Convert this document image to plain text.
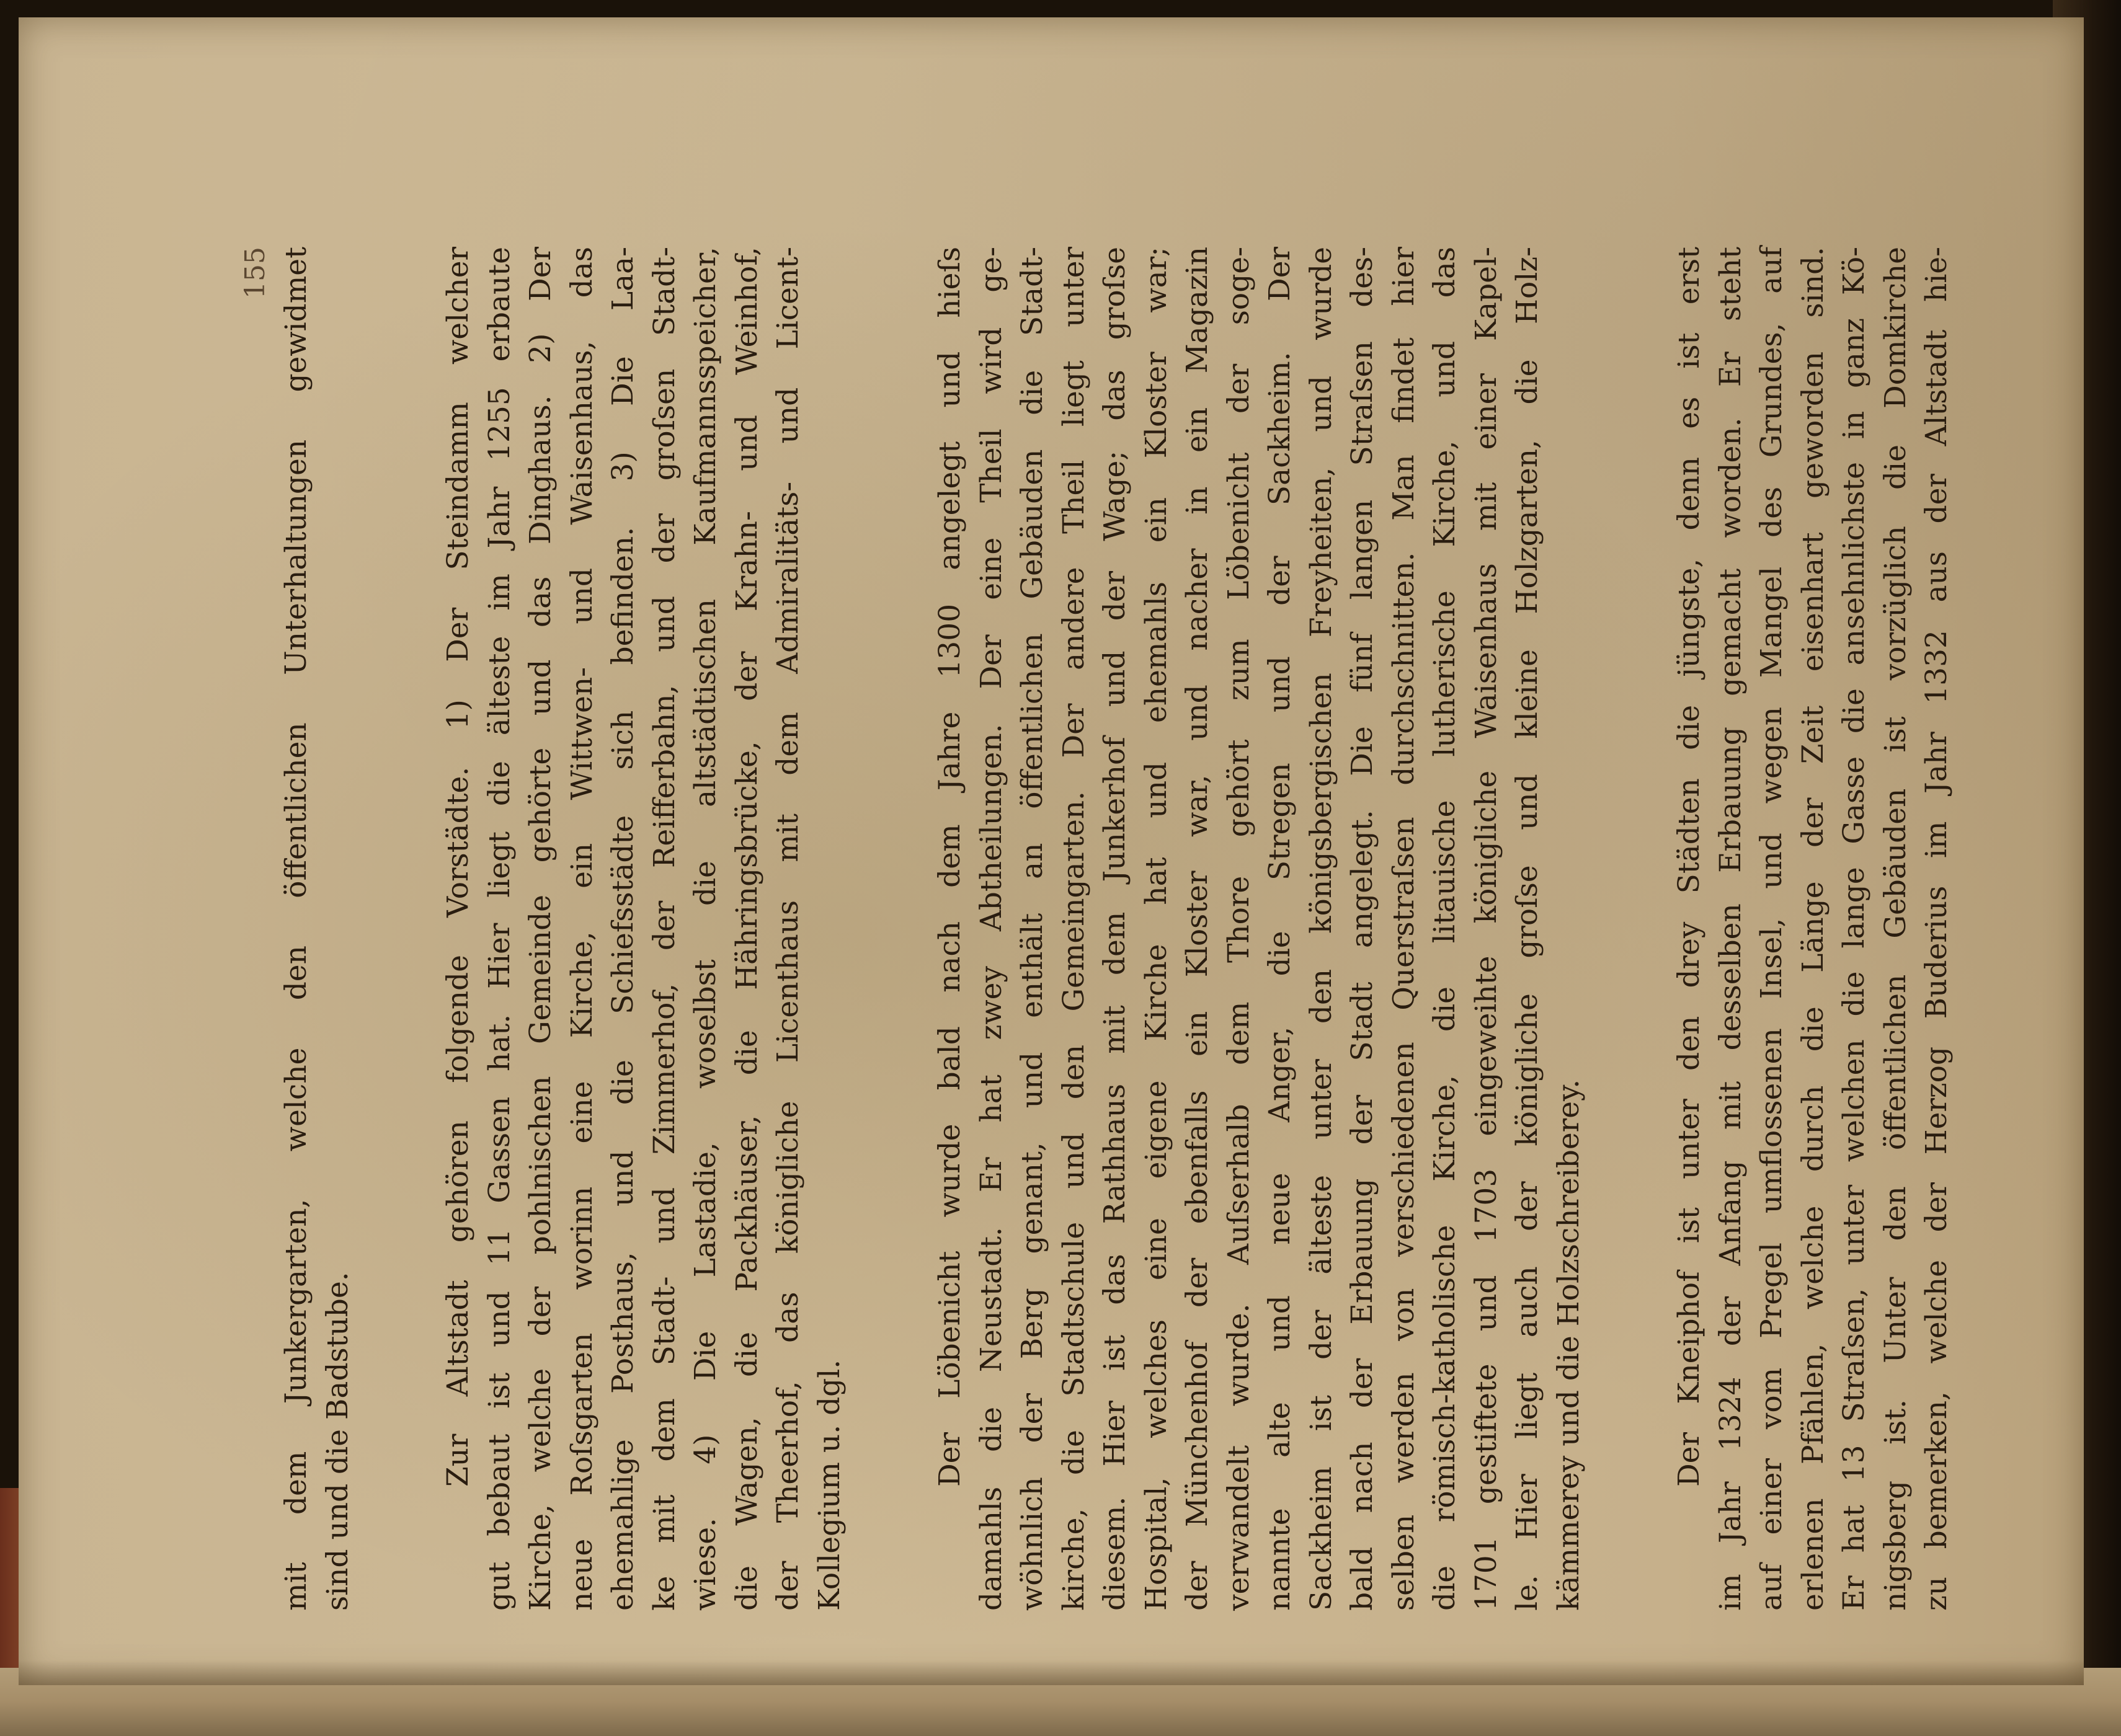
155 mit dem Junkergarten, welche den öffentlichen Unterhaltungen gewidmet sind und die Badstube.	Zur Altstadt gehören folgende Vorstädte. 1) Der Steindamm welcher gut bebaut ist und 11 Gassen hat. Hier liegt die älteste im Jahr 1255 erbaute Kirche, welche der pohlnischen Gemeinde gehörte und das Dinghaus. 2) Der neue Roſsgarten worinn eine Kirche, ein Wittwen- und Waisenhaus, das ehemahlige Posthaus, und die Schiefsstädte sich befinden. 3) Die Laa- ke mit dem Stadt- und Zimmerhof, der Reifferbahn, und der groſsen Stadt- wiese. 4) Die Lastadie, woselbst die altstädtischen Kaufmannsspeicher, die Wagen, die Packhäuser, die Hähringsbrücke, der Krahn- und Weinhof, der Theerhof, das königliche Licenthaus mit dem Admiralitäts- und Licent- Kollegium u. dgl.	Der Löbenicht wurde bald nach dem Jahre 1300 angelegt und hieſs damahls die Neustadt. Er hat zwey Abtheilungen. Der eine Theil wird ge- wöhnlich der Berg genant, und enthält an öffentlichen Gebäuden die Stadt- kirche, die Stadtschule und den Gemeingarten. Der andere Theil liegt unter diesem. Hier ist das Rathhaus mit dem Junkerhof und der Wage; das groſse Hospital, welches eine eigene Kirche hat und ehemahls ein Kloster war; der Münchenhof der ebenfalls ein Kloster war, und nacher in ein Magazin verwandelt wurde. Auſserhalb dem Thore gehört zum Löbenicht der soge- nannte alte und neue Anger, die Stregen und der Sackheim. Der Sackheim ist der älteste unter den königsbergischen Freyheiten, und wurde bald nach der Erbauung der Stadt angelegt. Die fünf langen Straſsen des- selben werden von verschiedenen Querstraſsen durchschnitten. Man findet hier die römisch-katholische Kirche, die litauische lutherische Kirche, und das 1701 gestiftete und 1703 eingeweihte königliche Waisenhaus mit einer Kapel- le. Hier liegt auch der königliche groſse und kleine Holzgarten, die Holz- kämmerey und die Holzschreiberey.	Der Kneiphof ist unter den drey Städten die jüngste, denn es ist erst im Jahr 1324 der Anfang mit desselben Erbauung gemacht worden. Er steht auf einer vom Pregel umflossenen Insel, und wegen Mangel des Grundes, auf erlenen Pfählen, welche durch die Länge der Zeit eisenhart geworden sind. Er hat 13 Straſsen, unter welchen die lange Gasse die ansehnlichste in ganz Kö- nigsberg ist. Unter den öffentlichen Gebäuden ist vorzüglich die Domkirche zu bemerken, welche der Herzog Buderius im Jahr 1332 aus der Altstadt hie-
